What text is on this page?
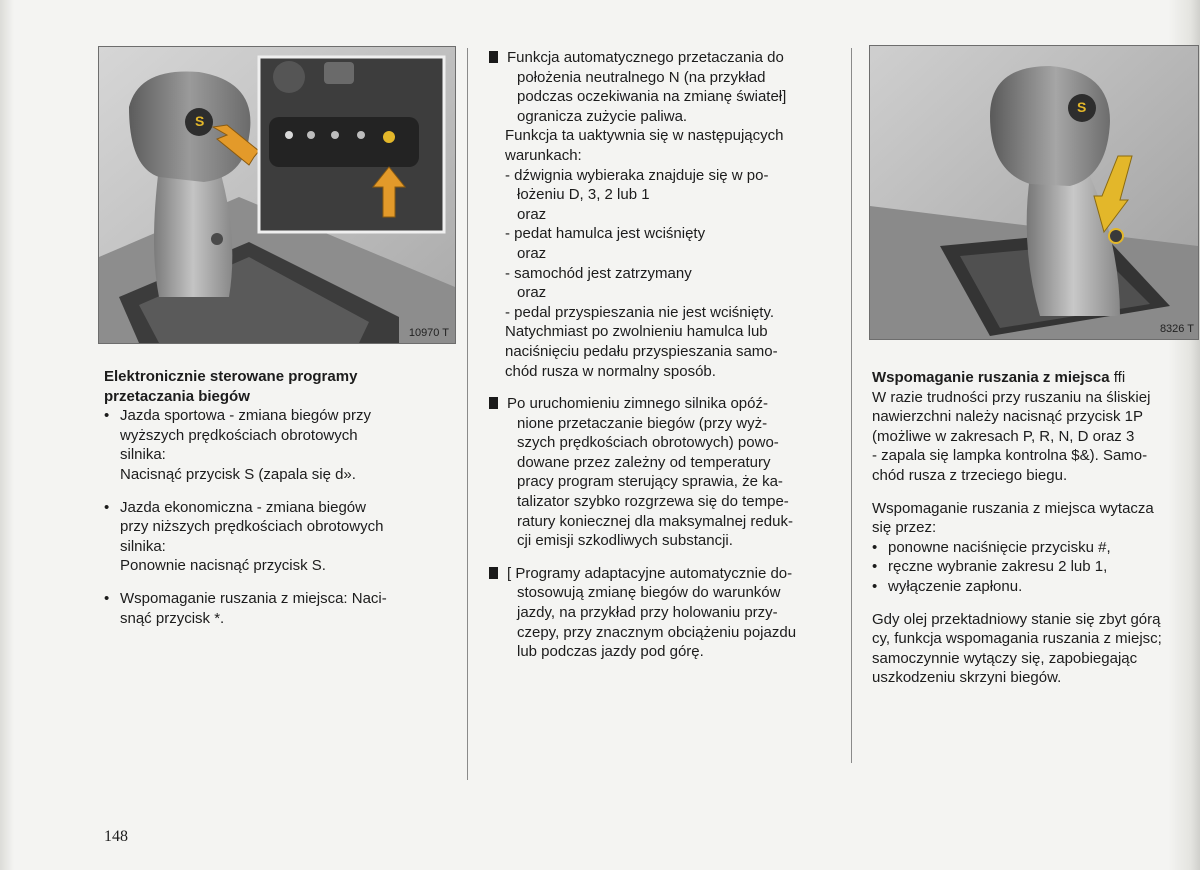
S
10970 T
S
8326 T

Elektronicznie sterowane programy

przetaczania biegów

• Jazda sportowa - zmiana biegów przy

wyższych prędkościach obrotowych

silnika:

Nacisnąć przycisk S (zapala się d».

• Jazda ekonomiczna - zmiana biegów

przy niższych prędkościach obrotowych

silnika:

Ponownie nacisnąć przycisk S.

• Wspomaganie ruszania z miejsca: Naci-

snąć przycisk *.

Funkcja automatycznego przetaczania do

położenia neutralnego N (na przykład

podczas oczekiwania na zmianę świateł]

ogranicza zużycie paliwa.

Funkcja ta uaktywnia się w następujących

warunkach:

- dźwignia wybieraka znajduje się w po-

łożeniu D, 3, 2 lub 1

oraz

- pedat hamulca jest wciśnięty

oraz

- samochód jest zatrzymany

oraz

- pedal przyspieszania nie jest wciśnięty.

Natychmiast po zwolnieniu hamulca lub

naciśnięciu pedału przyspieszania samo-

chód rusza w normalny sposób.

Po uruchomieniu zimnego silnika opóź-

nione przetaczanie biegów (przy wyż-

szych prędkościach obrotowych) powo-

dowane przez zależny od temperatury

pracy program sterujący sprawia, że ka-

talizator szybko rozgrzewa się do tempe-

ratury koniecznej dla maksymalnej reduk-

cji emisji szkodliwych substancji.

[ Programy adaptacyjne automatycznie do-

stosowują zmianę biegów do warunków

jazdy, na przykład przy holowaniu przy-

czepy, przy znacznym obciążeniu pojazdu

lub podczas jazdy pod górę.

Wspomaganie ruszania z miejsca ffi

W razie trudności przy ruszaniu na śliskiej

nawierzchni należy nacisnąć przycisk 1P

(możliwe w zakresach P, R, N, D oraz 3

- zapala się lampka kontrolna $&). Samo-

chód rusza z trzeciego biegu.

Wspomaganie ruszania z miejsca wytacza

się przez:

• ponowne naciśnięcie przycisku #,
• ręczne wybranie zakresu 2 lub 1,
• wyłączenie zapłonu.

Gdy olej przektadniowy stanie się zbyt górą

cy, funkcja wspomagania ruszania z miejsc;

samoczynnie wytączy się, zapobiegając

uszkodzeniu skrzyni biegów.

148
